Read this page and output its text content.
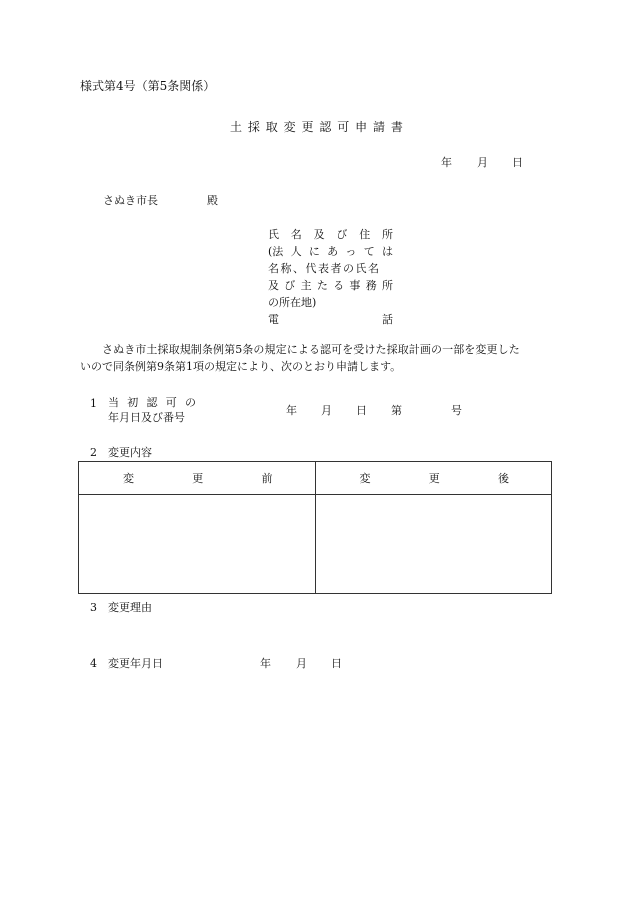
様式第4号（第5条関係）
土 採 取 変 更 認 可 申 請 書
年 月 日
さぬき市長	殿
氏 名 及 び 住 所
(法 人 に あ っ て は
名称、代表者の氏名
及 び 主 た る 事 務 所
の所在地)
電	話
さぬき市土採取規制条例第5条の規定による認可を受けた採取計画の一部を変更した
いので同条例第9条第1項の規定により、次のとおり申請します。
1 当 初 認 可 の
年月日及び番号
年 月 日 第	号
2 変更内容
変 更 前	変 更 後

3 変更理由
4 変更年月日	年 月 日
